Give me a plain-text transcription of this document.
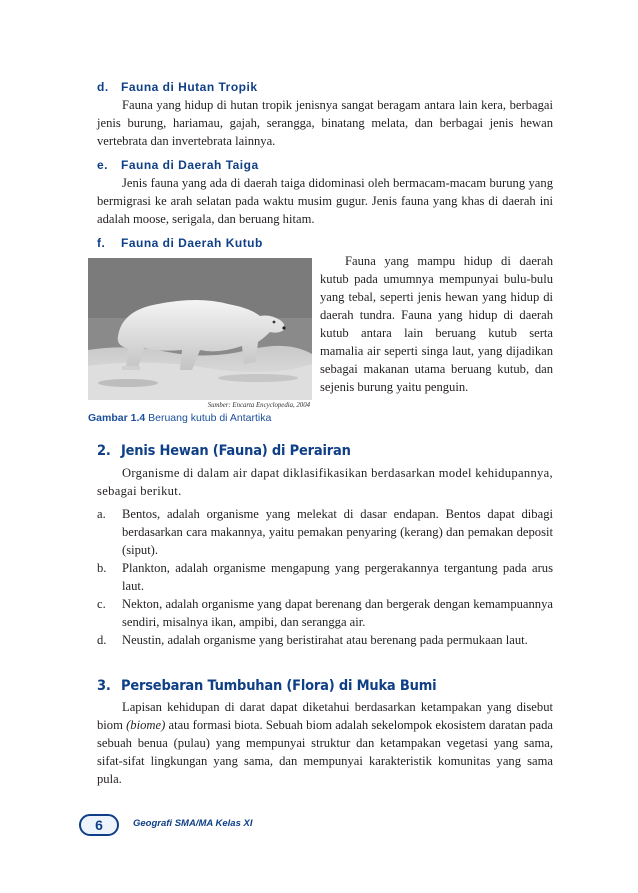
d. Fauna di Hutan Tropik

Fauna yang hidup di hutan tropik jenisnya sangat beragam antara lain kera, berbagai jenis burung, hariamau, gajah, serangga, binatang melata, dan berbagai jenis hewan vertebrata dan invertebrata lainnya.

e. Fauna di Daerah Taiga

Jenis fauna yang ada di daerah taiga didominasi oleh bermacam-macam burung yang bermigrasi ke arah selatan pada waktu musim gugur. Jenis fauna yang khas di daerah ini adalah moose, serigala, dan beruang hitam.

f. Fauna di Daerah Kutub

Fauna yang mampu hidup di daerah kutub pada umumnya mempunyai bulu-bulu yang tebal, seperti jenis hewan yang hidup di daerah tundra. Fauna yang hidup di daerah kutub antara lain beruang kutub serta mamalia air seperti singa laut, yang dijadikan sebagai makanan utama beruang kutub, dan sejenis burung yaitu penguin.

Sumber: Encarta Encyclopedia, 2004
Gambar 1.4 Beruang kutub di Antartika
2. Jenis Hewan (Fauna) di Perairan

Organisme di dalam air dapat diklasifikasikan berdasarkan model kehidupannya, sebagai berikut.

a. Bentos, adalah organisme yang melekat di dasar endapan. Bentos dapat dibagi berdasarkan cara makannya, yaitu pemakan penyaring (kerang) dan pemakan deposit (siput).

b. Plankton, adalah organisme mengapung yang pergerakannya tergantung pada arus laut.

c. Nekton, adalah organisme yang dapat berenang dan bergerak dengan kemampuannya sendiri, misalnya ikan, ampibi, dan serangga air.

d. Neustin, adalah organisme yang beristirahat atau berenang pada permukaan laut.

3. Persebaran Tumbuhan (Flora) di Muka Bumi

Lapisan kehidupan di darat dapat diketahui berdasarkan ketampakan yang disebut biom (biome) atau formasi biota. Sebuah biom adalah sekelompok ekosistem daratan pada sebuah benua (pulau) yang mempunyai struktur dan ketampakan vegetasi yang sama, sifat-sifat lingkungan yang sama, dan mempunyai karakteristik komunitas yang sama pula.

6	Geografi SMA/MA Kelas XI
